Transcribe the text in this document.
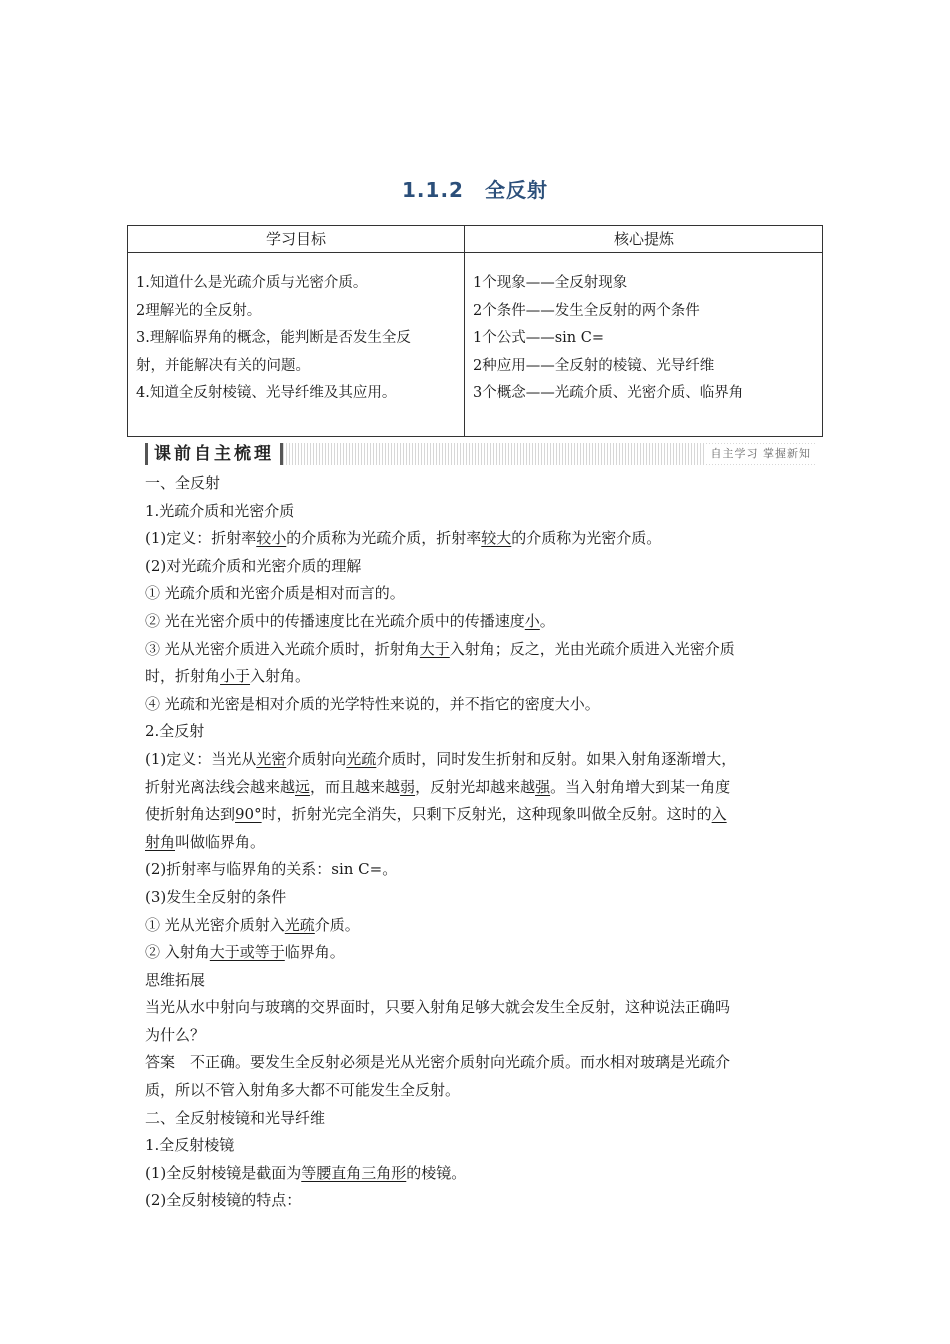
1.1.2　全反射
学习目标	核心提炼
1.知道什么是光疏介质与光密介质。
2理解光的全反射。
3.理解临界角的概念，能判断是否发生全反
射，并能解决有关的问题。
4.知道全反射棱镜、光导纤维及其应用。
1个现象——全反射现象
2个条件——发生全反射的两个条件
1个公式——sin C=
2种应用——全反射的棱镜、光导纤维
3个概念——光疏介质、光密介质、临界角
课前自主梳理	自主学习 掌握新知

一、全反射

1.光疏介质和光密介质

(1)定义：折射率较小的介质称为光疏介质，折射率较大的介质称为光密介质。

(2)对光疏介质和光密介质的理解

① 光疏介质和光密介质是相对而言的。

② 光在光密介质中的传播速度比在光疏介质中的传播速度小。

③ 光从光密介质进入光疏介质时，折射角大于入射角；反之，光由光疏介质进入光密介质

时，折射角小于入射角。

④ 光疏和光密是相对介质的光学特性来说的，并不指它的密度大小。

2.全反射

(1)定义：当光从光密介质射向光疏介质时，同时发生折射和反射。如果入射角逐渐增大，

折射光离法线会越来越远，而且越来越弱，反射光却越来越强。当入射角增大到某一角度

使折射角达到90°时，折射光完全消失，只剩下反射光，这种现象叫做全反射。这时的入

射角叫做临界角。

(2)折射率与临界角的关系：sin C=。

(3)发生全反射的条件

① 光从光密介质射入光疏介质。

② 入射角大于或等于临界角。

思维拓展

当光从水中射向与玻璃的交界面时，只要入射角足够大就会发生全反射，这种说法正确吗

为什么？

答案　不正确。要发生全反射必须是光从光密介质射向光疏介质。而水相对玻璃是光疏介

质，所以不管入射角多大都不可能发生全反射。

二、全反射棱镜和光导纤维

1.全反射棱镜

(1)全反射棱镜是截面为等腰直角三角形的棱镜。

(2)全反射棱镜的特点：
